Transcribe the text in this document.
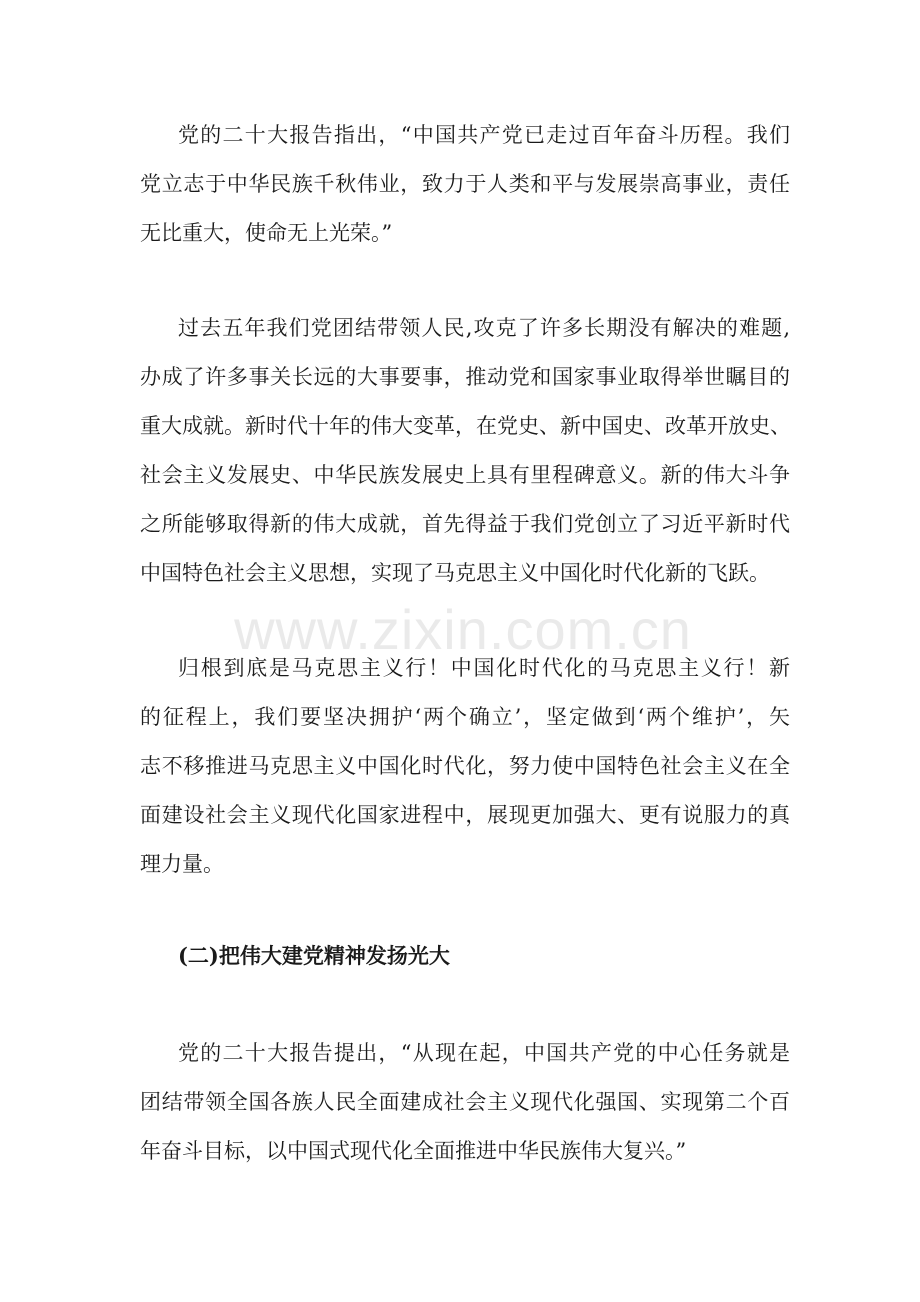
www.zixin.com.cn
党的二十大报告指出，“中国共产党已走过百年奋斗历程。我们
党立志于中华民族千秋伟业，致力于人类和平与发展崇高事业，责任
无比重大，使命无上光荣。”
过去五年我们党团结带领人民,攻克了许多长期没有解决的难题,
办成了许多事关长远的大事要事，推动党和国家事业取得举世瞩目的
重大成就。新时代十年的伟大变革，在党史、新中国史、改革开放史、
社会主义发展史、中华民族发展史上具有里程碑意义。新的伟大斗争
之所能够取得新的伟大成就，首先得益于我们党创立了习近平新时代
中国特色社会主义思想，实现了马克思主义中国化时代化新的飞跃。
归根到底是马克思主义行！中国化时代化的马克思主义行！新
的征程上，我们要坚决拥护‘两个确立’，坚定做到‘两个维护’，矢
志不移推进马克思主义中国化时代化，努力使中国特色社会主义在全
面建设社会主义现代化国家进程中，展现更加强大、更有说服力的真
理力量。
(二)把伟大建党精神发扬光大
党的二十大报告提出，“从现在起，中国共产党的中心任务就是
团结带领全国各族人民全面建成社会主义现代化强国、实现第二个百
年奋斗目标，以中国式现代化全面推进中华民族伟大复兴。”
